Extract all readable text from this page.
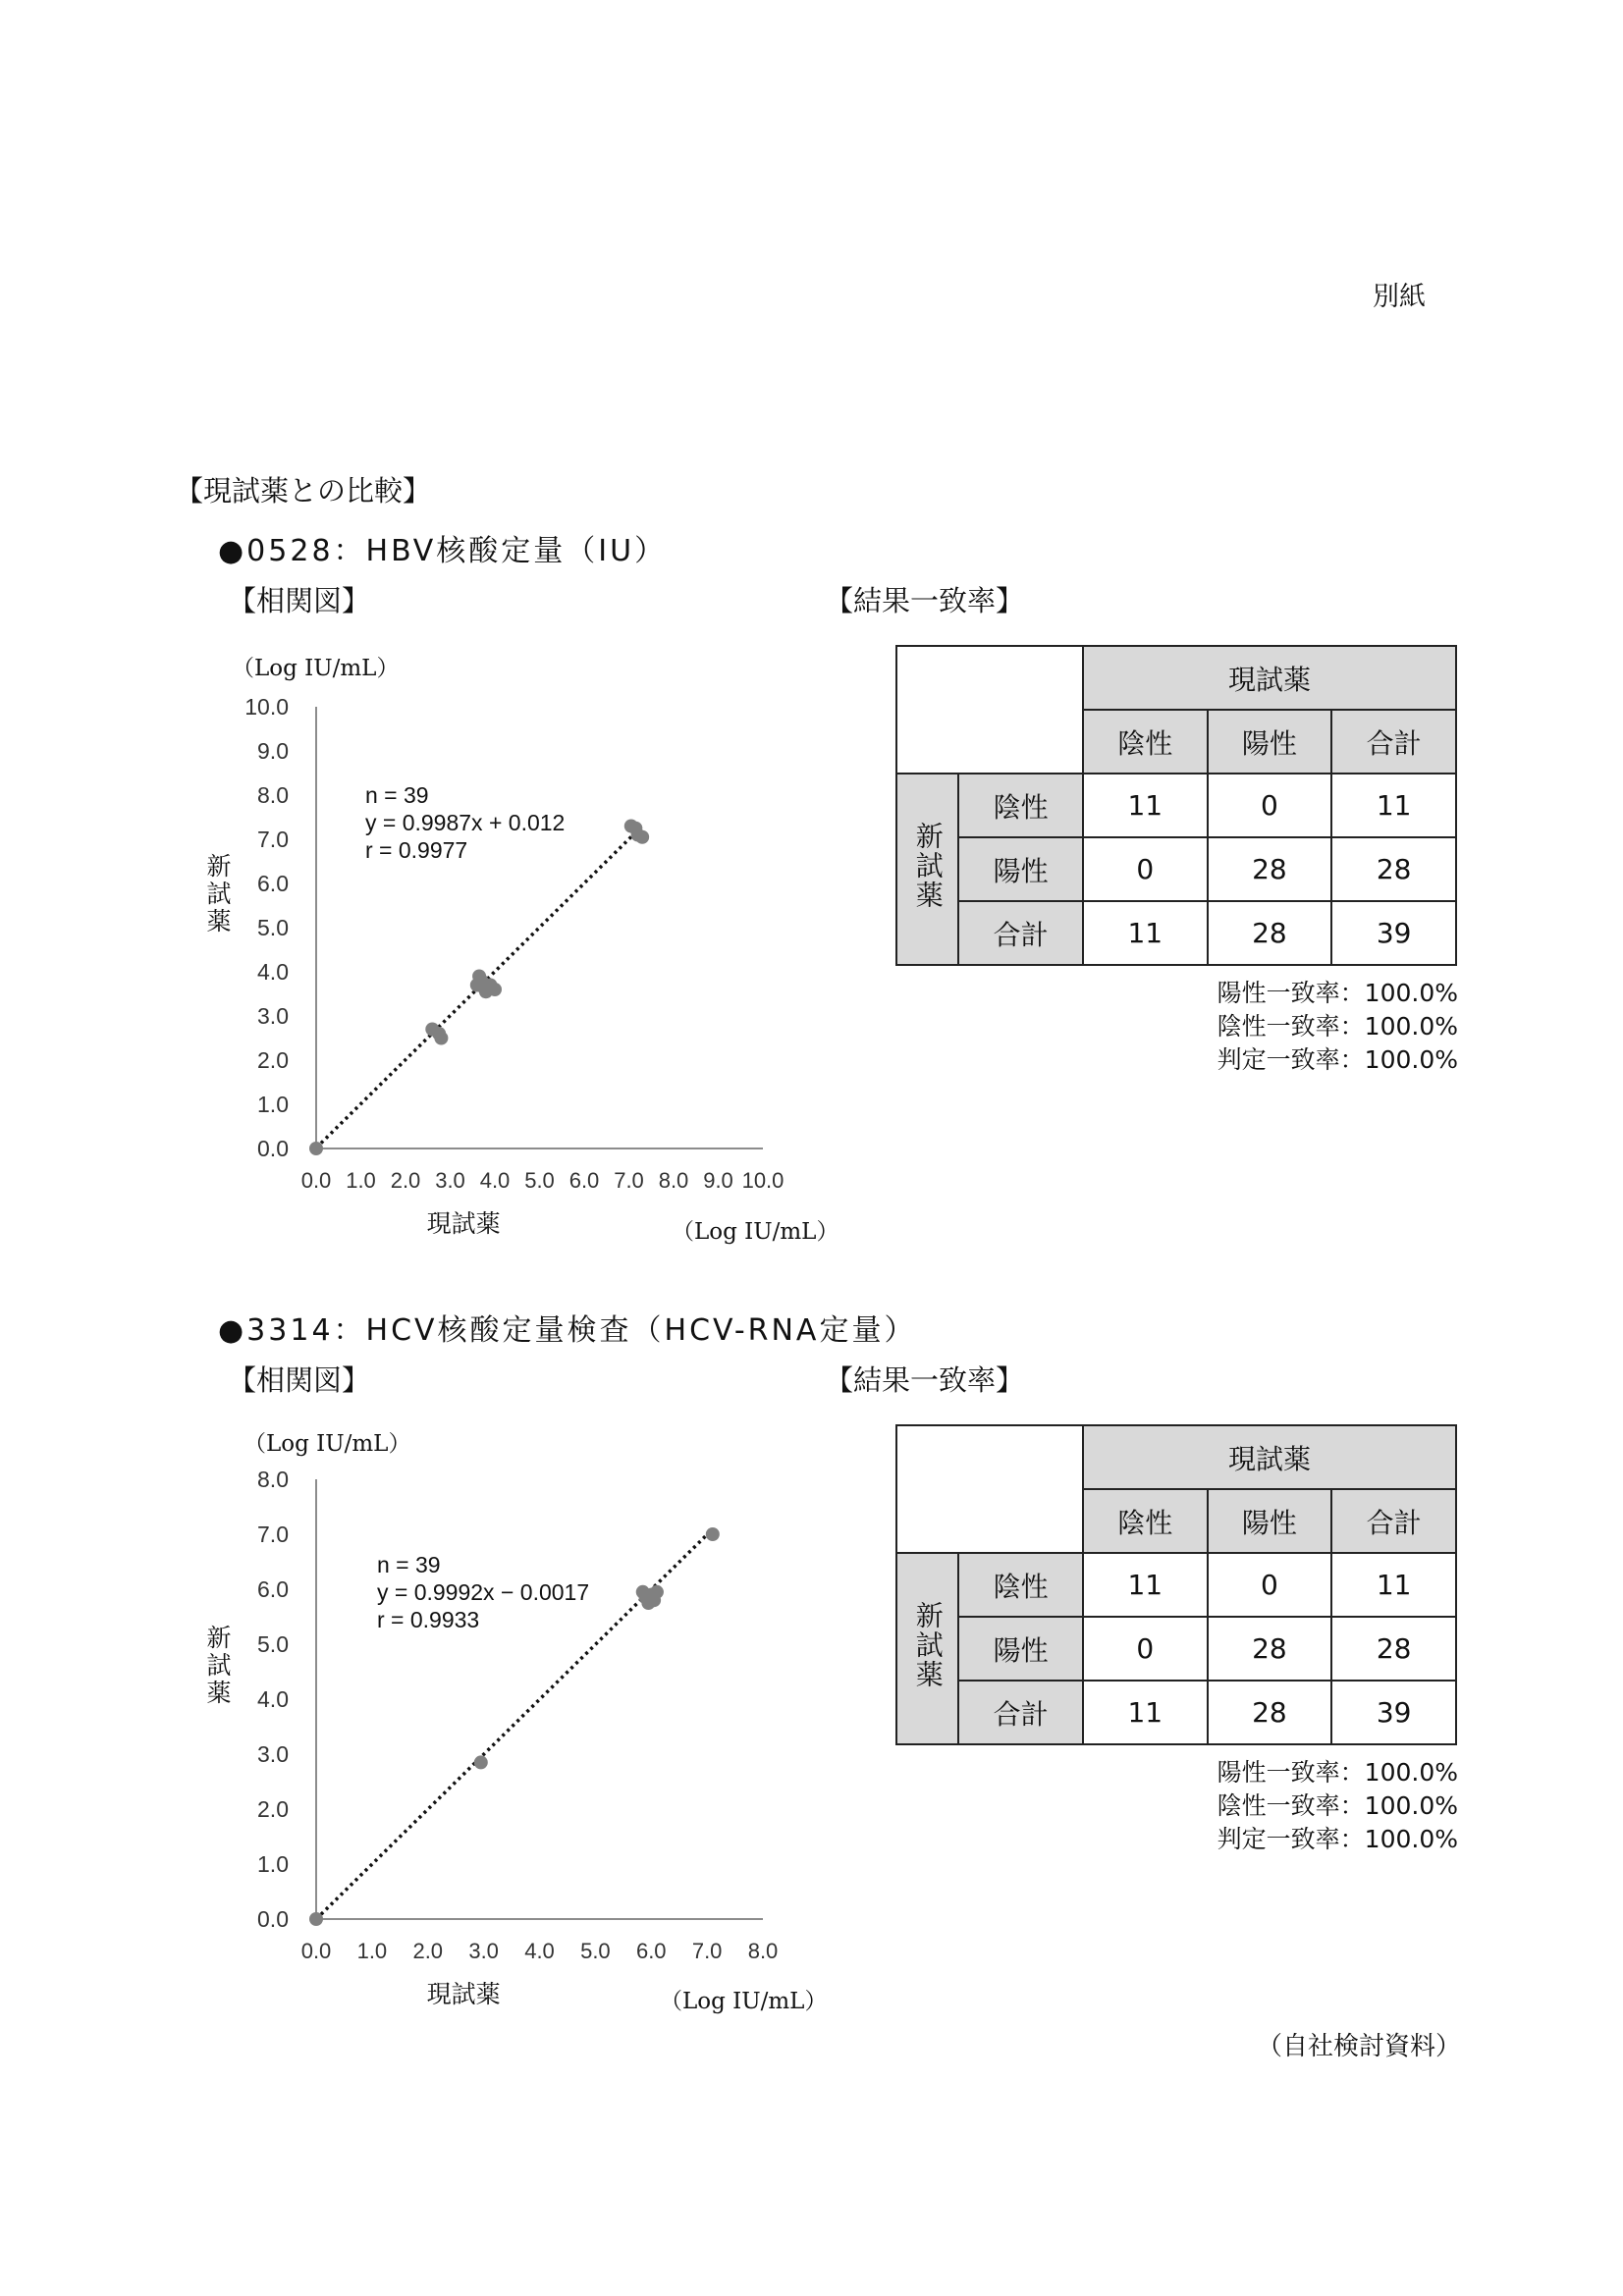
別紙
【現試薬との比較】
●0528：HBV核酸定量（IU）
【相関図】	【結果一致率】
（Log IU/mL）
（Log IU/mL）
0.0
1.0
2.0
3.0
4.0
5.0
6.0
7.0
8.0
9.0
10.0
0.0 1.0 2.0 3.0 4.0 5.0 6.0 7.0 8.0 9.0 10.0
現試薬
新
試
薬
n = 39
y = 0.9987x + 0.012
r = 0.9977
		現試薬		
		陰性	陽性	合計
新試薬	陰性	11	0	11
	陽性	0	28	28
	合計	11	28	39
陽性一致率：100.0%
陰性一致率：100.0%
判定一致率：100.0%
●3314：HCV核酸定量検査（HCV-RNA定量）
【相関図】	【結果一致率】
（Log IU/mL）
（Log IU/mL）
0.0
1.0
2.0
3.0
4.0
5.0
6.0
7.0
8.0
0.0 1.0 2.0 3.0 4.0 5.0 6.0 7.0 8.0
現試薬
新
試
薬
n = 39
y = 0.9992x − 0.0017
r = 0.9933
		現試薬		
		陰性	陽性	合計
新試薬	陰性	11	0	11
	陽性	0	28	28
	合計	11	28	39
陽性一致率：100.0%
陰性一致率：100.0%
判定一致率：100.0%
（自社検討資料）
